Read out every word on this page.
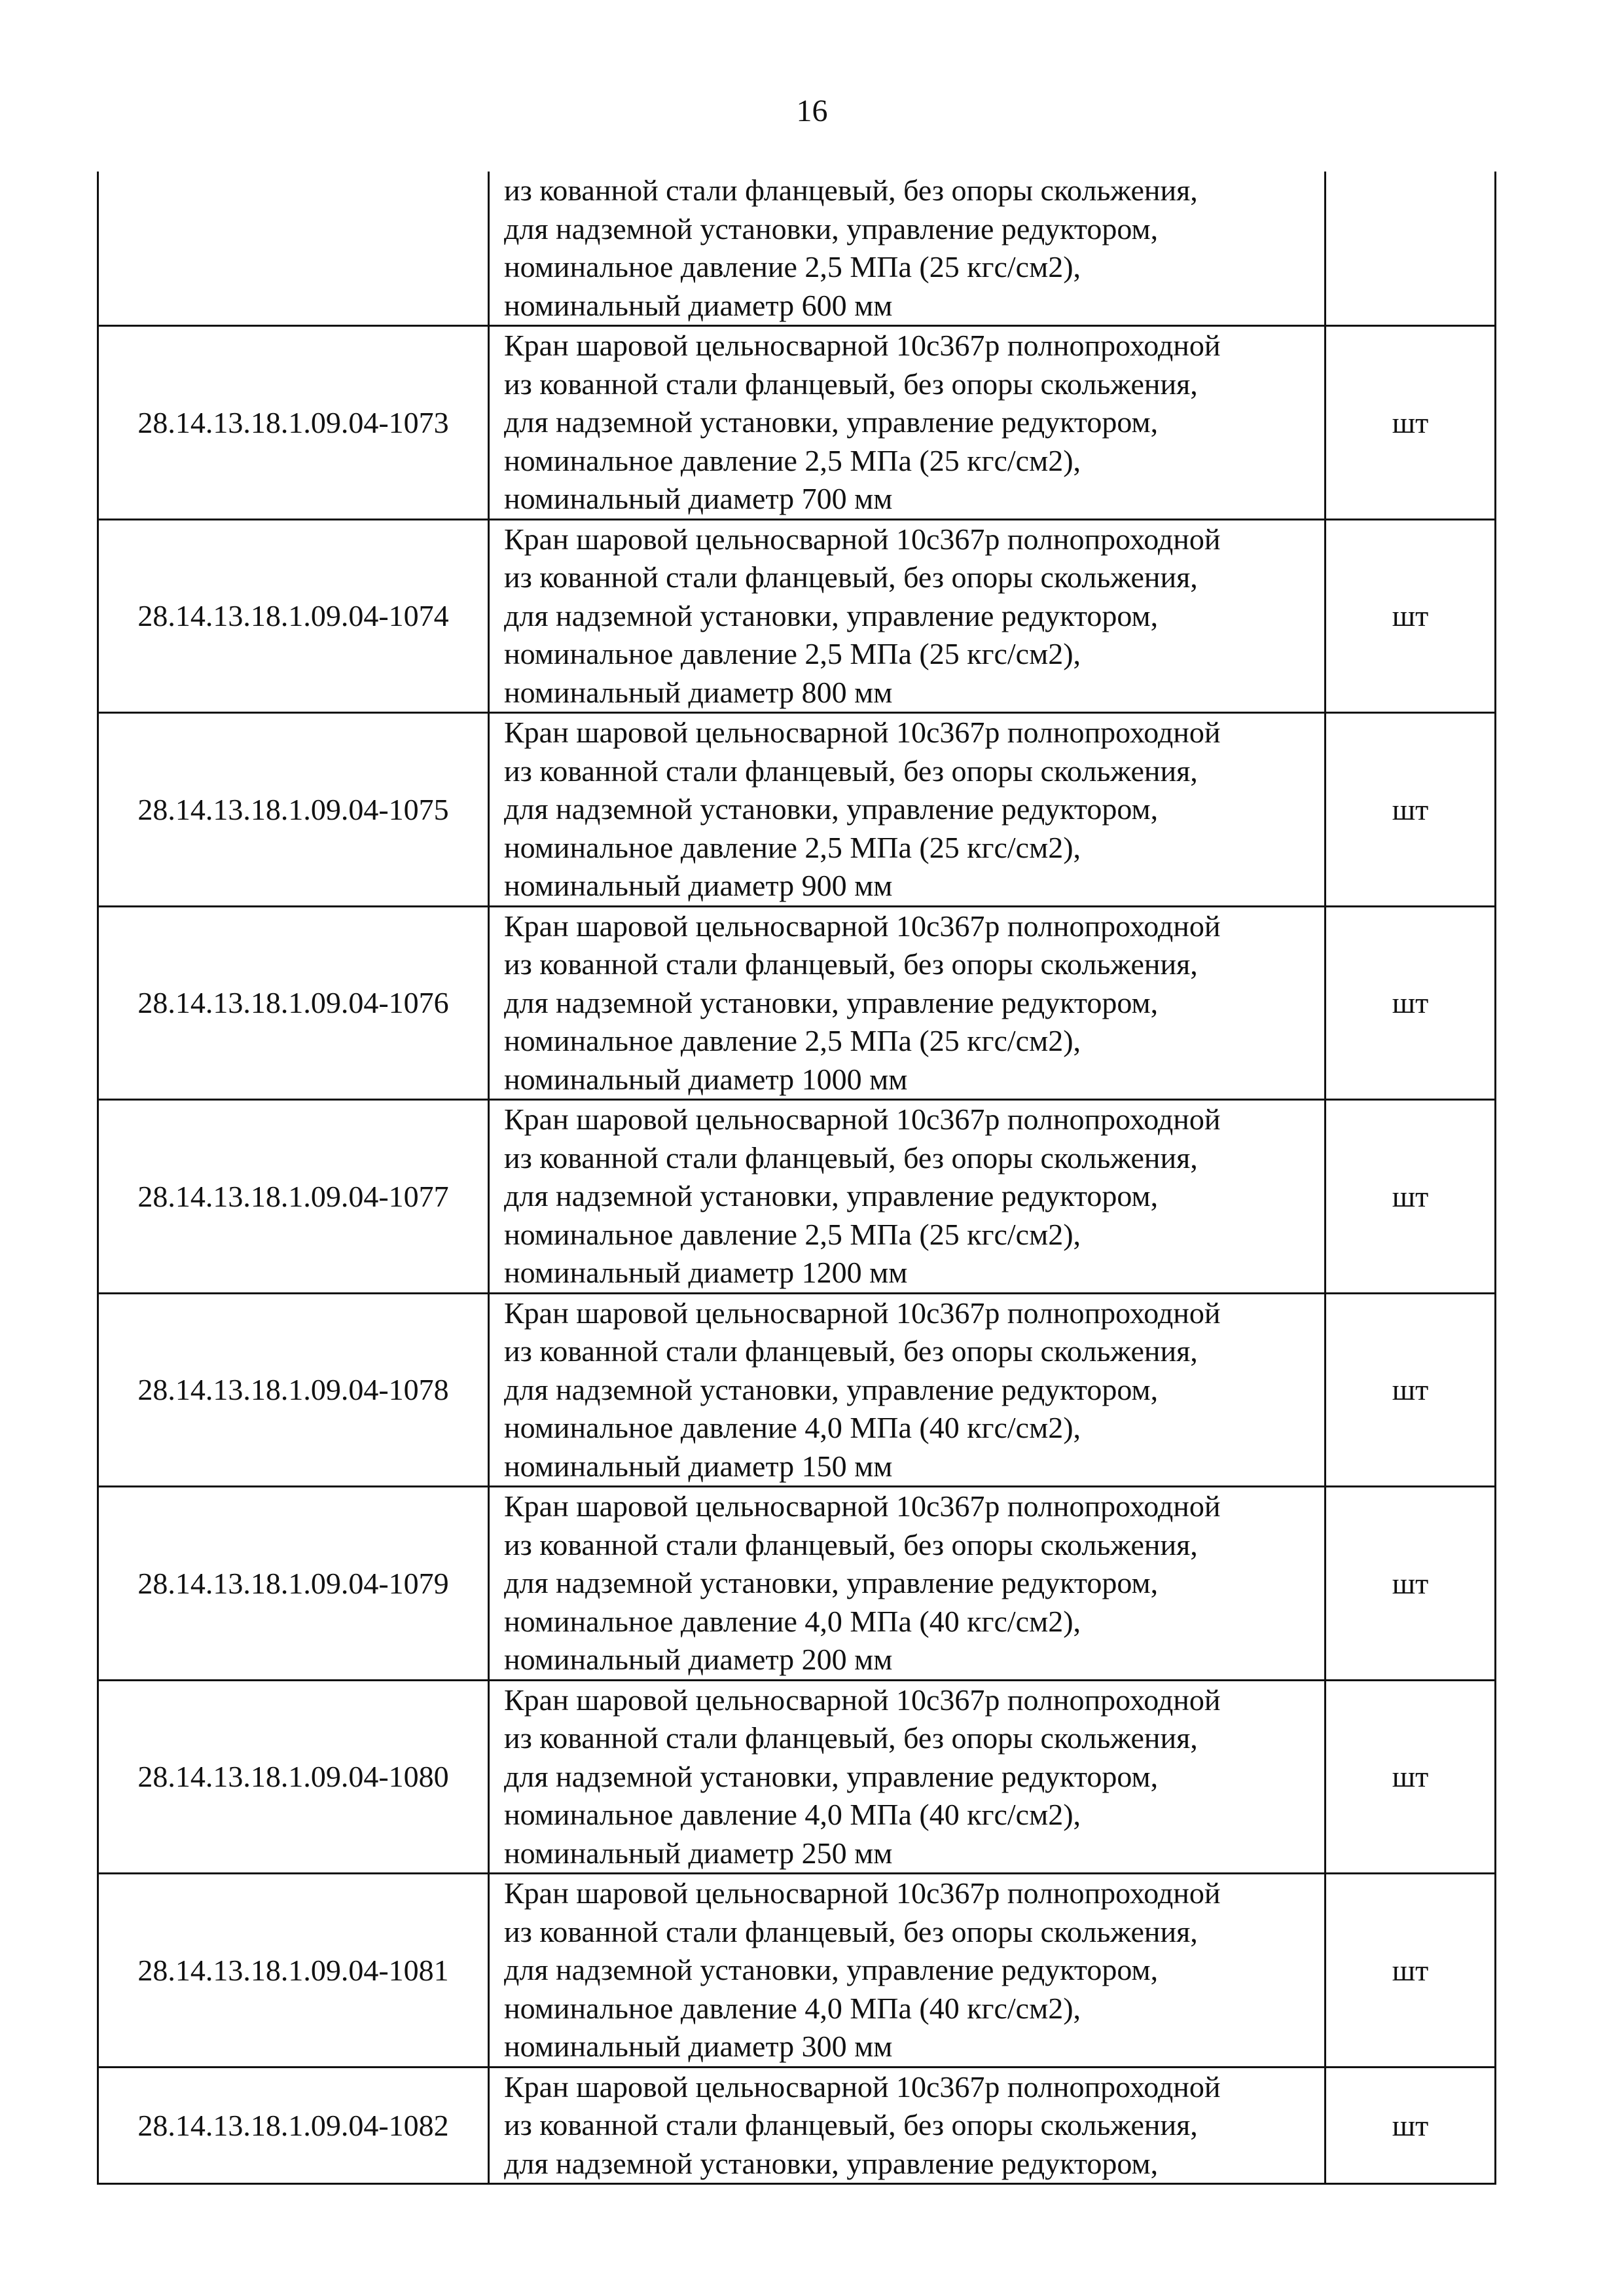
16

	из кованной стали фланцевый, без опоры скольжения,
для надземной установки, управление редуктором,
номинальное давление 2,5 МПа (25 кгс/см2),
номинальный диаметр 600 мм	

28.14.13.18.1.09.04-1073	Кран шаровой цельносварной 10с367р полнопроходной
из кованной стали фланцевый, без опоры скольжения,
для надземной установки, управление редуктором,
номинальное давление 2,5 МПа (25 кгс/см2),
номинальный диаметр 700 мм	шт
28.14.13.18.1.09.04-1074	Кран шаровой цельносварной 10с367р полнопроходной
из кованной стали фланцевый, без опоры скольжения,
для надземной установки, управление редуктором,
номинальное давление 2,5 МПа (25 кгс/см2),
номинальный диаметр 800 мм	шт
28.14.13.18.1.09.04-1075	Кран шаровой цельносварной 10с367р полнопроходной
из кованной стали фланцевый, без опоры скольжения,
для надземной установки, управление редуктором,
номинальное давление 2,5 МПа (25 кгс/см2),
номинальный диаметр 900 мм	шт
28.14.13.18.1.09.04-1076	Кран шаровой цельносварной 10с367р полнопроходной
из кованной стали фланцевый, без опоры скольжения,
для надземной установки, управление редуктором,
номинальное давление 2,5 МПа (25 кгс/см2),
номинальный диаметр 1000 мм	шт
28.14.13.18.1.09.04-1077	Кран шаровой цельносварной 10с367р полнопроходной
из кованной стали фланцевый, без опоры скольжения,
для надземной установки, управление редуктором,
номинальное давление 2,5 МПа (25 кгс/см2),
номинальный диаметр 1200 мм	шт
28.14.13.18.1.09.04-1078	Кран шаровой цельносварной 10с367р полнопроходной
из кованной стали фланцевый, без опоры скольжения,
для надземной установки, управление редуктором,
номинальное давление 4,0 МПа (40 кгс/см2),
номинальный диаметр 150 мм	шт
28.14.13.18.1.09.04-1079	Кран шаровой цельносварной 10с367р полнопроходной
из кованной стали фланцевый, без опоры скольжения,
для надземной установки, управление редуктором,
номинальное давление 4,0 МПа (40 кгс/см2),
номинальный диаметр 200 мм	шт
28.14.13.18.1.09.04-1080	Кран шаровой цельносварной 10с367р полнопроходной
из кованной стали фланцевый, без опоры скольжения,
для надземной установки, управление редуктором,
номинальное давление 4,0 МПа (40 кгс/см2),
номинальный диаметр 250 мм	шт
28.14.13.18.1.09.04-1081	Кран шаровой цельносварной 10с367р полнопроходной
из кованной стали фланцевый, без опоры скольжения,
для надземной установки, управление редуктором,
номинальное давление 4,0 МПа (40 кгс/см2),
номинальный диаметр 300 мм	шт
28.14.13.18.1.09.04-1082	Кран шаровой цельносварной 10с367р полнопроходной
из кованной стали фланцевый, без опоры скольжения,
для надземной установки, управление редуктором,	шт
